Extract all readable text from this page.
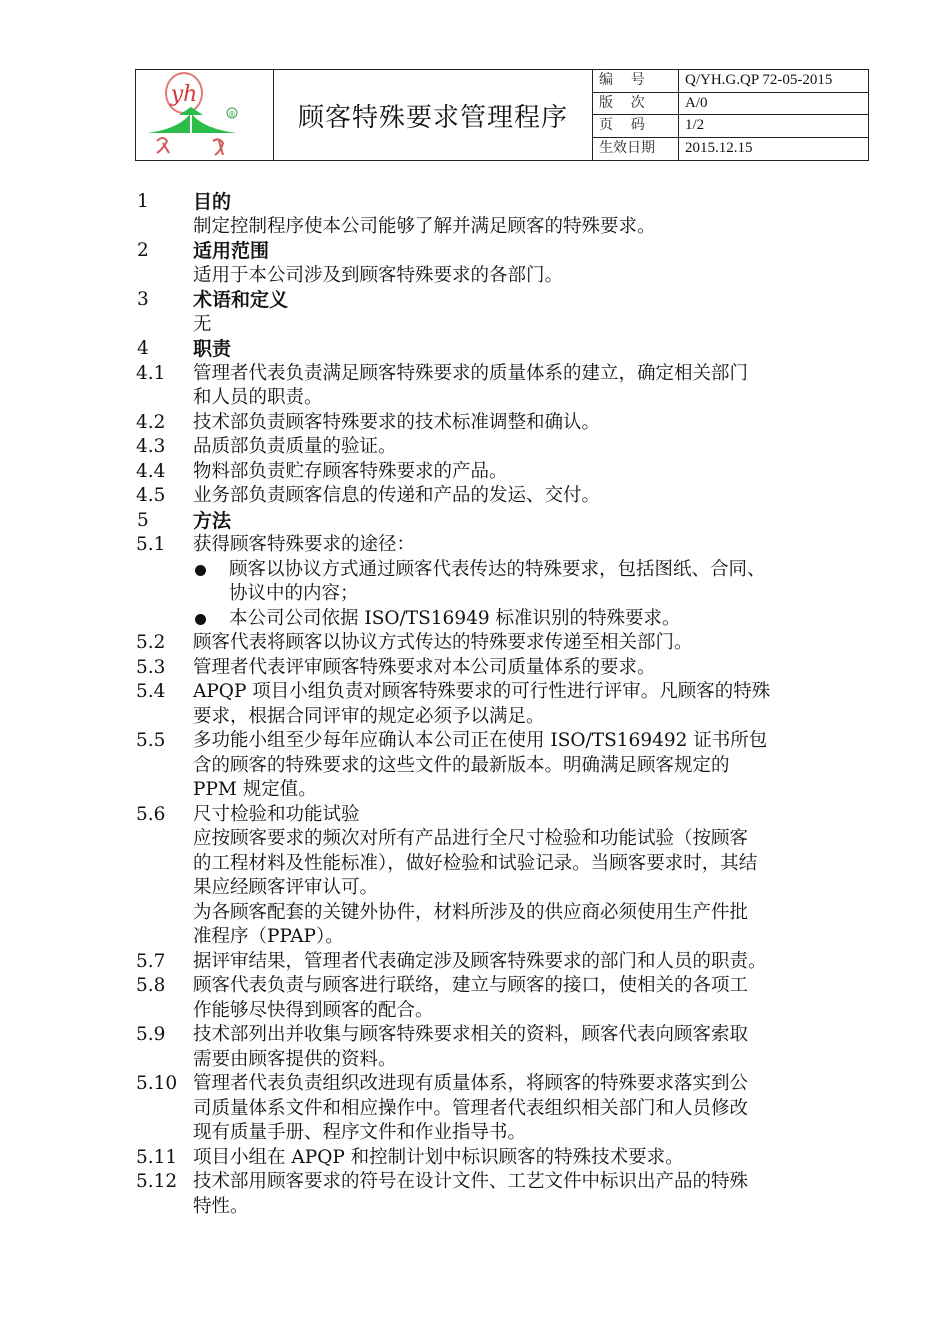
yh
®	顾客特殊要求管理程序
编    号	Q/YH.G.QP 72-05-2015
版    次	A/0
页    码	1/2
生效日期	2015.12.15
1 目的
制定控制程序使本公司能够了解并满足顾客的特殊要求。
2 适用范围
适用于本公司涉及到顾客特殊要求的各部门。
3 术语和定义
无
4 职责
4.1 管理者代表负责满足顾客特殊要求的质量体系的建立，确定相关部门
和人员的职责。
4.2 技术部负责顾客特殊要求的技术标准调整和确认。
4.3 品质部负责质量的验证。
4.4 物料部负责贮存顾客特殊要求的产品。
4.5 业务部负责顾客信息的传递和产品的发运、交付。
5 方法
5.1 获得顾客特殊要求的途径：
顾客以协议方式通过顾客代表传达的特殊要求，包括图纸、合同、
协议中的内容；
本公司公司依据 ISO/TS16949 标准识别的特殊要求。
5.2 顾客代表将顾客以协议方式传达的特殊要求传递至相关部门。
5.3 管理者代表评审顾客特殊要求对本公司质量体系的要求。
5.4 APQP 项目小组负责对顾客特殊要求的可行性进行评审。凡顾客的特殊
要求，根据合同评审的规定必须予以满足。
5.5 多功能小组至少每年应确认本公司正在使用 ISO/TS169492 证书所包
含的顾客的特殊要求的这些文件的最新版本。明确满足顾客规定的
PPM 规定值。
5.6 尺寸检验和功能试验
应按顾客要求的频次对所有产品进行全尺寸检验和功能试验（按顾客
的工程材料及性能标准），做好检验和试验记录。当顾客要求时，其结
果应经顾客评审认可。
为各顾客配套的关键外协件，材料所涉及的供应商必须使用生产件批
准程序（PPAP）。
5.7 据评审结果，管理者代表确定涉及顾客特殊要求的部门和人员的职责。
5.8 顾客代表负责与顾客进行联络，建立与顾客的接口，使相关的各项工
作能够尽快得到顾客的配合。
5.9 技术部列出并收集与顾客特殊要求相关的资料，顾客代表向顾客索取
需要由顾客提供的资料。
5.10 管理者代表负责组织改进现有质量体系，将顾客的特殊要求落实到公
司质量体系文件和相应操作中。管理者代表组织相关部门和人员修改
现有质量手册、程序文件和作业指导书。
5.11 项目小组在 APQP 和控制计划中标识顾客的特殊技术要求。
5.12 技术部用顾客要求的符号在设计文件、工艺文件中标识出产品的特殊
特性。
